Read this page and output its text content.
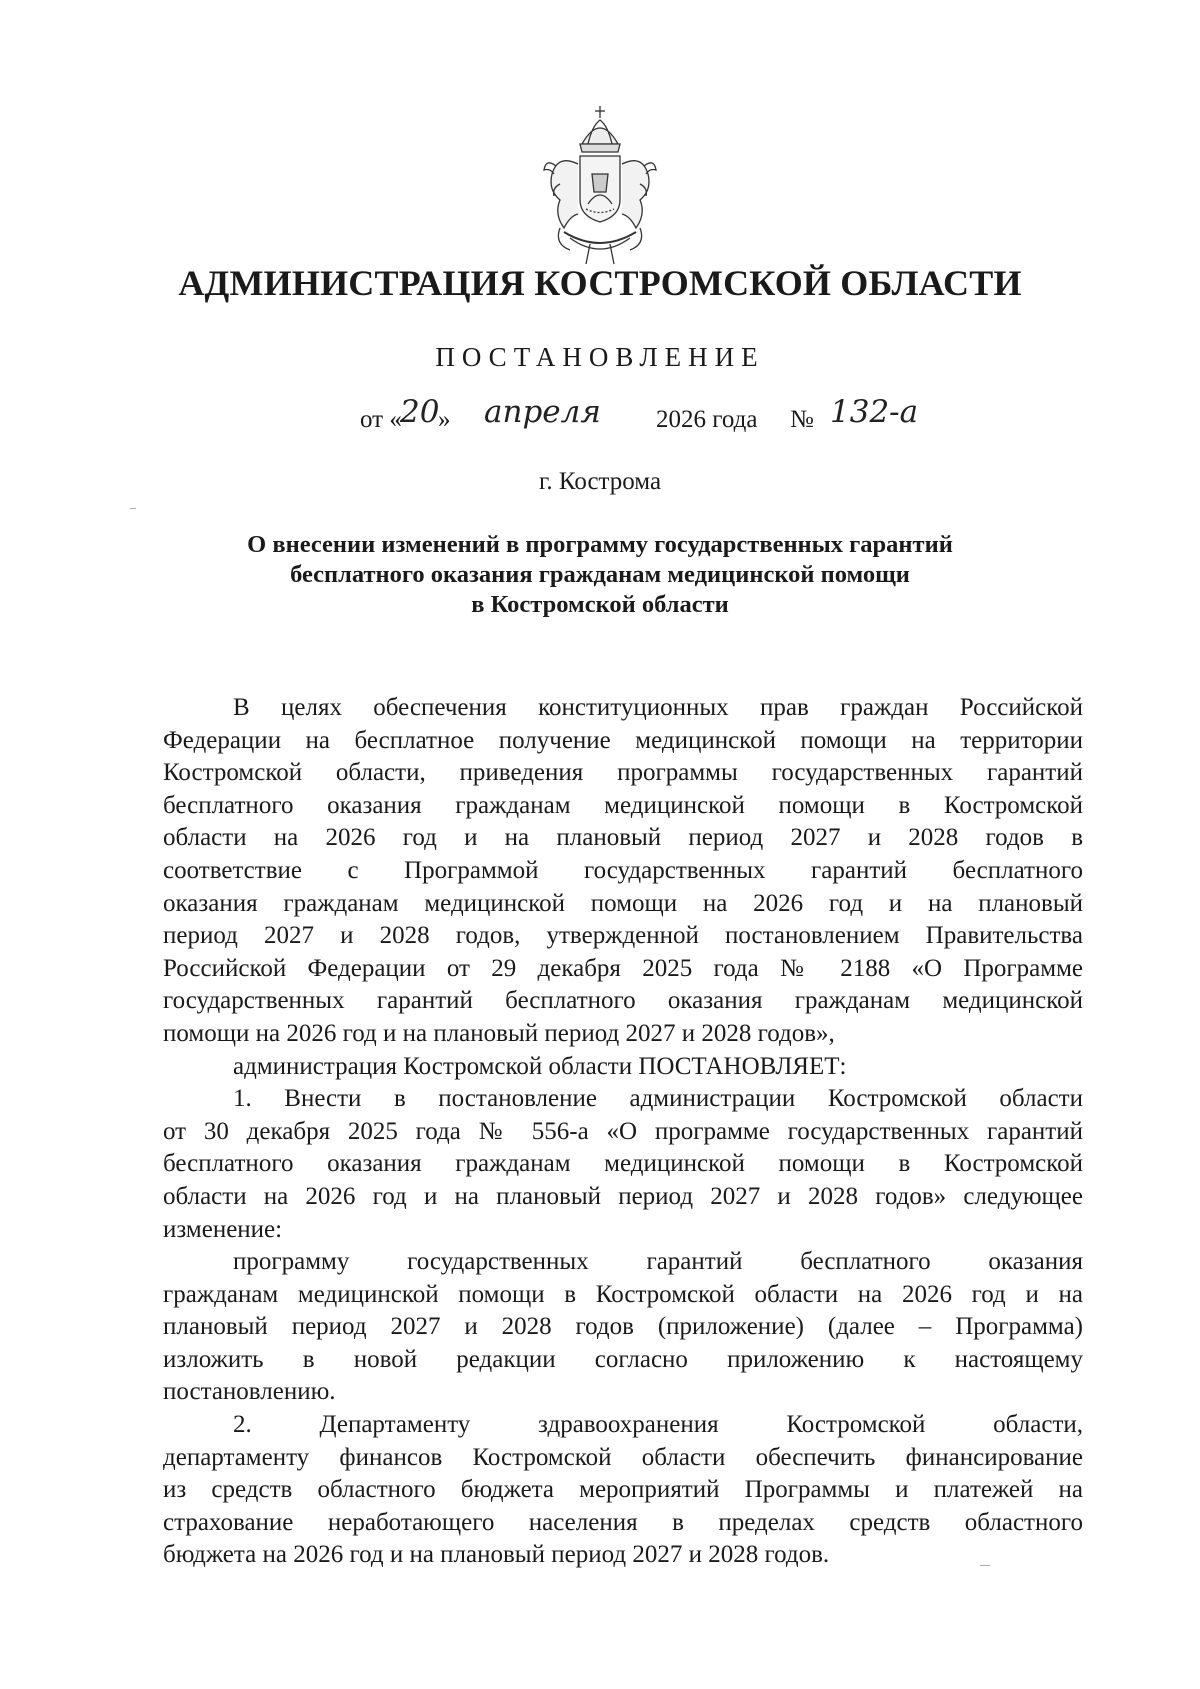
АДМИНИСТРАЦИЯ КОСТРОМСКОЙ ОБЛАСТИ
ПОСТАНОВЛЕНИЕ
от «
20
» апреля 2026 года № 132-а
г. Кострома
О внесении изменений в программу государственных гарантий
бесплатного оказания гражданам медицинской помощи
в Костромской области
В целях обеспечения конституционных прав граждан Российской
Федерации на бесплатное получение медицинской помощи на территории
Костромской области, приведения программы государственных гарантий
бесплатного оказания гражданам медицинской помощи в Костромской
области на 2026 год и на плановый период 2027 и 2028 годов в
соответствие с Программой государственных гарантий бесплатного
оказания гражданам медицинской помощи на 2026 год и на плановый
период 2027 и 2028 годов, утвержденной постановлением Правительства
Российской Федерации от 29 декабря 2025 года № 2188 «О Программе
государственных гарантий бесплатного оказания гражданам медицинской
помощи на 2026 год и на плановый период 2027 и 2028 годов»,
администрация Костромской области ПОСТАНОВЛЯЕТ:
1. Внести в постановление администрации Костромской области
от 30 декабря 2025 года № 556-а «О программе государственных гарантий
бесплатного оказания гражданам медицинской помощи в Костромской
области на 2026 год и на плановый период 2027 и 2028 годов» следующее
изменение:
программу государственных гарантий бесплатного оказания
гражданам медицинской помощи в Костромской области на 2026 год и на
плановый период 2027 и 2028 годов (приложение) (далее – Программа)
изложить в новой редакции согласно приложению к настоящему
постановлению.
2. Департаменту здравоохранения Костромской области,
департаменту финансов Костромской области обеспечить финансирование
из средств областного бюджета мероприятий Программы и платежей на
страхование неработающего населения в пределах средств областного
бюджета на 2026 год и на плановый период 2027 и 2028 годов.
